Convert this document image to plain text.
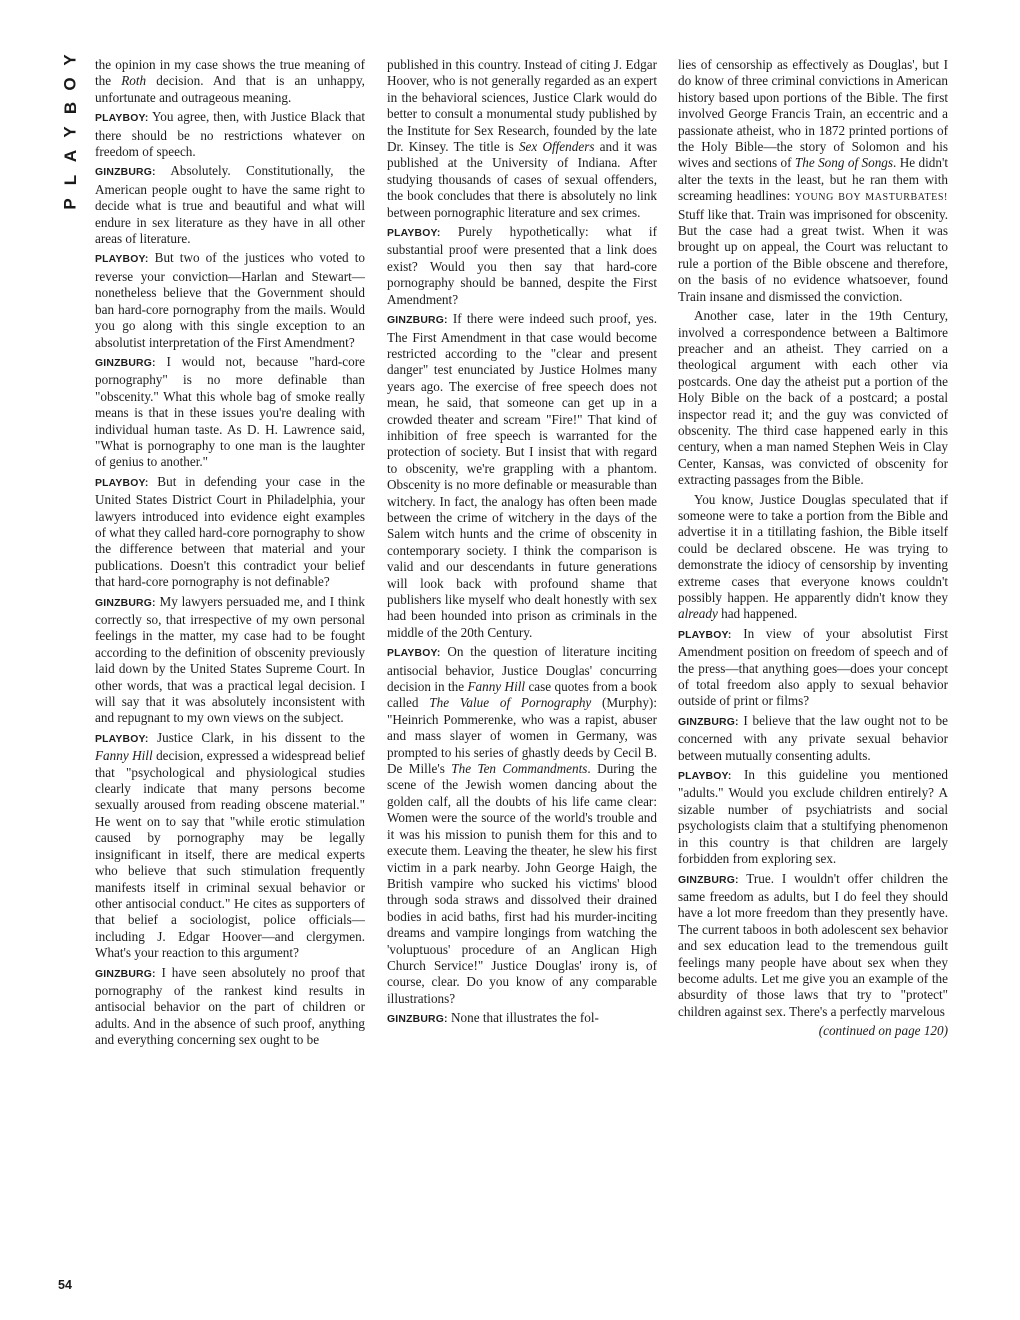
Y
O
B
Y
A
L
P

the opinion in my case shows the true meaning of the Roth decision. And that is an unhappy, unfortunate and outrageous meaning.

PLAYBOY: You agree, then, with Justice Black that there should be no restrictions whatever on freedom of speech.

GINZBURG: Absolutely. Constitutionally, the American people ought to have the same right to decide what is true and beautiful and what will endure in sex literature as they have in all other areas of literature.

PLAYBOY: But two of the justices who voted to reverse your conviction—Harlan and Stewart—nonetheless believe that the Government should ban hard-core pornography from the mails. Would you go along with this single exception to an absolutist interpretation of the First Amendment?

GINZBURG: I would not, because "hard-core pornography" is no more definable than "obscenity." What this whole bag of smoke really means is that in these issues you're dealing with individual human taste. As D. H. Lawrence said, "What is pornography to one man is the laughter of genius to another."

PLAYBOY: But in defending your case in the United States District Court in Philadelphia, your lawyers introduced into evidence eight examples of what they called hard-core pornography to show the difference between that material and your publications. Doesn't this contradict your belief that hard-core pornography is not definable?

GINZBURG: My lawyers persuaded me, and I think correctly so, that irrespective of my own personal feelings in the matter, my case had to be fought according to the definition of obscenity previously laid down by the United States Supreme Court. In other words, that was a practical legal decision. I will say that it was absolutely inconsistent with and repugnant to my own views on the subject.

PLAYBOY: Justice Clark, in his dissent to the Fanny Hill decision, expressed a widespread belief that "psychological and physiological studies clearly indicate that many persons become sexually aroused from reading obscene material." He went on to say that "while erotic stimulation caused by pornography may be legally insignificant in itself, there are medical experts who believe that such stimulation frequently manifests itself in criminal sexual behavior or other antisocial conduct." He cites as supporters of that belief a sociologist, police officials—including J. Edgar Hoover—and clergymen. What's your reaction to this argument?

GINZBURG: I have seen absolutely no proof that pornography of the rankest kind results in antisocial behavior on the part of children or adults. And in the absence of such proof, anything and everything concerning sex ought to be

published in this country. Instead of citing J. Edgar Hoover, who is not generally regarded as an expert in the behavioral sciences, Justice Clark would do better to consult a monumental study published by the Institute for Sex Research, founded by the late Dr. Kinsey. The title is Sex Offenders and it was published at the University of Indiana. After studying thousands of cases of sexual offenders, the book concludes that there is absolutely no link between pornographic literature and sex crimes.

PLAYBOY: Purely hypothetically: what if substantial proof were presented that a link does exist? Would you then say that hard-core pornography should be banned, despite the First Amendment?

GINZBURG: If there were indeed such proof, yes. The First Amendment in that case would become restricted according to the "clear and present danger" test enunciated by Justice Holmes many years ago. The exercise of free speech does not mean, he said, that someone can get up in a crowded theater and scream "Fire!" That kind of inhibition of free speech is warranted for the protection of society. But I insist that with regard to obscenity, we're grappling with a phantom. Obscenity is no more definable or measurable than witchery. In fact, the analogy has often been made between the crime of witchery in the days of the Salem witch hunts and the crime of obscenity in contemporary society. I think the comparison is valid and our descendants in future generations will look back with profound shame that publishers like myself who dealt honestly with sex had been hounded into prison as criminals in the middle of the 20th Century.

PLAYBOY: On the question of literature inciting antisocial behavior, Justice Douglas' concurring decision in the Fanny Hill case quotes from a book called The Value of Pornography (Murphy): "Heinrich Pommerenke, who was a rapist, abuser and mass slayer of women in Germany, was prompted to his series of ghastly deeds by Cecil B. De Mille's The Ten Commandments. During the scene of the Jewish women dancing about the golden calf, all the doubts of his life came clear: Women were the source of the world's trouble and it was his mission to punish them for this and to execute them. Leaving the theater, he slew his first victim in a park nearby. John George Haigh, the British vampire who sucked his victims' blood through soda straws and dissolved their drained bodies in acid baths, first had his murder-inciting dreams and vampire longings from watching the 'voluptuous' procedure of an Anglican High Church Service!" Justice Douglas' irony is, of course, clear. Do you know of any comparable illustrations?

GINZBURG: None that illustrates the fol-

lies of censorship as effectively as Douglas', but I do know of three criminal convictions in American history based upon portions of the Bible. The first involved George Francis Train, an eccentric and a passionate atheist, who in 1872 printed portions of the Holy Bible—the story of Solomon and his wives and sections of The Song of Songs. He didn't alter the texts in the least, but he ran them with screaming headlines: YOUNG BOY MASTURBATES! Stuff like that. Train was imprisoned for obscenity. But the case had a great twist. When it was brought up on appeal, the Court was reluctant to rule a portion of the Bible obscene and therefore, on the basis of no evidence whatsoever, found Train insane and dismissed the conviction.

Another case, later in the 19th Century, involved a correspondence between a Baltimore preacher and an atheist. They carried on a theological argument with each other via postcards. One day the atheist put a portion of the Holy Bible on the back of a postcard; a postal inspector read it; and the guy was convicted of obscenity. The third case happened early in this century, when a man named Stephen Weis in Clay Center, Kansas, was convicted of obscenity for extracting passages from the Bible.

You know, Justice Douglas speculated that if someone were to take a portion from the Bible and advertise it in a titillating fashion, the Bible itself could be declared obscene. He was trying to demonstrate the idiocy of censorship by inventing extreme cases that everyone knows couldn't possibly happen. He apparently didn't know they already had happened.

PLAYBOY: In view of your absolutist First Amendment position on freedom of speech and of the press—that anything goes—does your concept of total freedom also apply to sexual behavior outside of print or films?

GINZBURG: I believe that the law ought not to be concerned with any private sexual behavior between mutually consenting adults.

PLAYBOY: In this guideline you mentioned "adults." Would you exclude children entirely? A sizable number of psychiatrists and social psychologists claim that a stultifying phenomenon in this country is that children are largely forbidden from exploring sex.

GINZBURG: True. I wouldn't offer children the same freedom as adults, but I do feel they should have a lot more freedom than they presently have. The current taboos in both adolescent sex behavior and sex education lead to the tremendous guilt feelings many people have about sex when they become adults. Let me give you an example of the absurdity of those laws that try to "protect" children against sex. There's a perfectly marvelous

(continued on page 120)

54
